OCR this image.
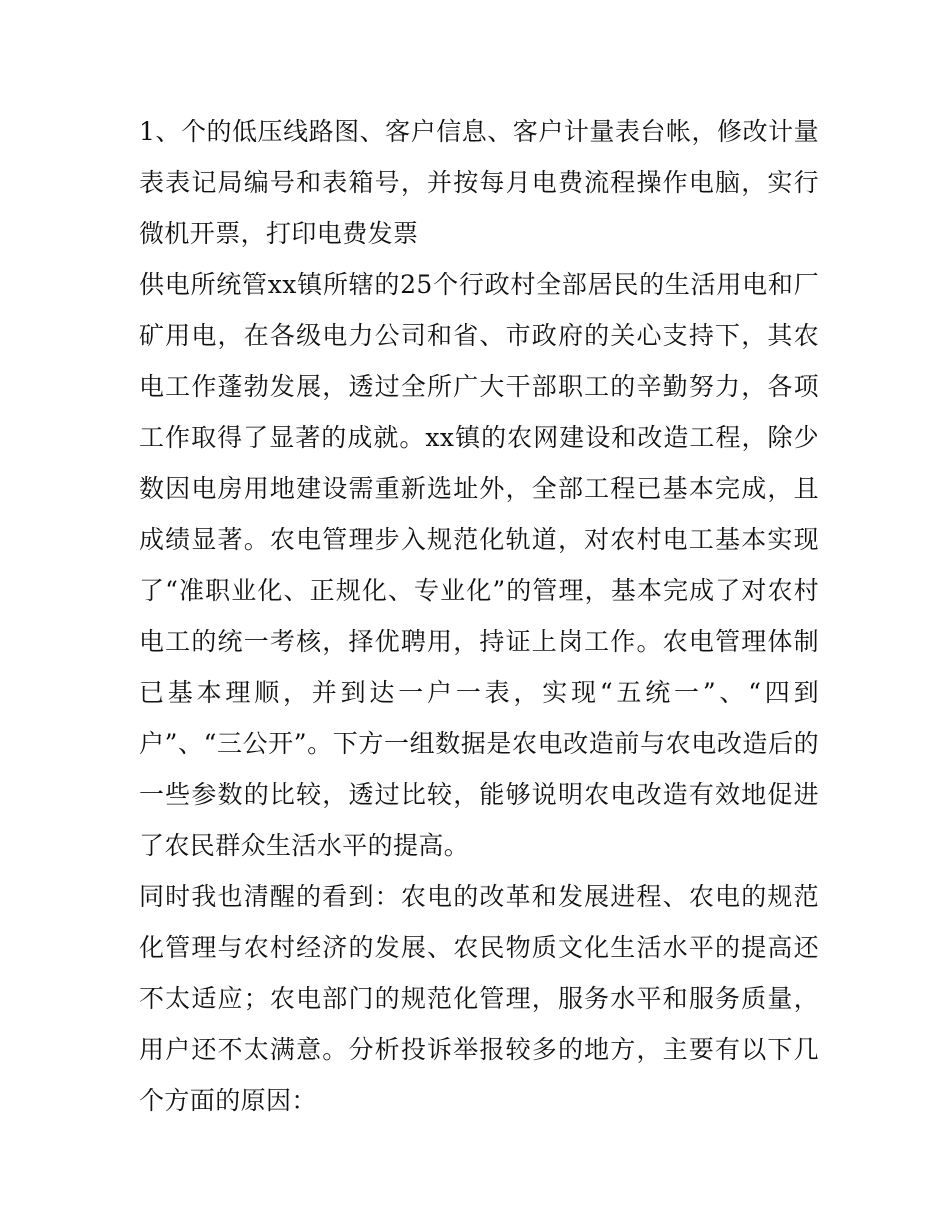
1、个的低压线路图、客户信息、客户计量表台帐，修改计量表表记局编号和表箱号，并按每月电费流程操作电脑，实行微机开票，打印电费发票

供电所统管xx镇所辖的25个行政村全部居民的生活用电和厂矿用电，在各级电力公司和省、市政府的关心支持下，其农电工作蓬勃发展，透过全所广大干部职工的辛勤努力，各项工作取得了显著的成就。xx镇的农网建设和改造工程，除少数因电房用地建设需重新选址外，全部工程已基本完成，且成绩显著。农电管理步入规范化轨道，对农村电工基本实现了“准职业化、正规化、专业化”的管理，基本完成了对农村电工的统一考核，择优聘用，持证上岗工作。农电管理体制已基本理顺，并到达一户一表，实现“五统一”、“四到户”、“三公开”。下方一组数据是农电改造前与农电改造后的一些参数的比较，透过比较，能够说明农电改造有效地促进了农民群众生活水平的提高。

同时我也清醒的看到：农电的改革和发展进程、农电的规范化管理与农村经济的发展、农民物质文化生活水平的提高还不太适应；农电部门的规范化管理，服务水平和服务质量，用户还不太满意。分析投诉举报较多的地方，主要有以下几个方面的原因：
